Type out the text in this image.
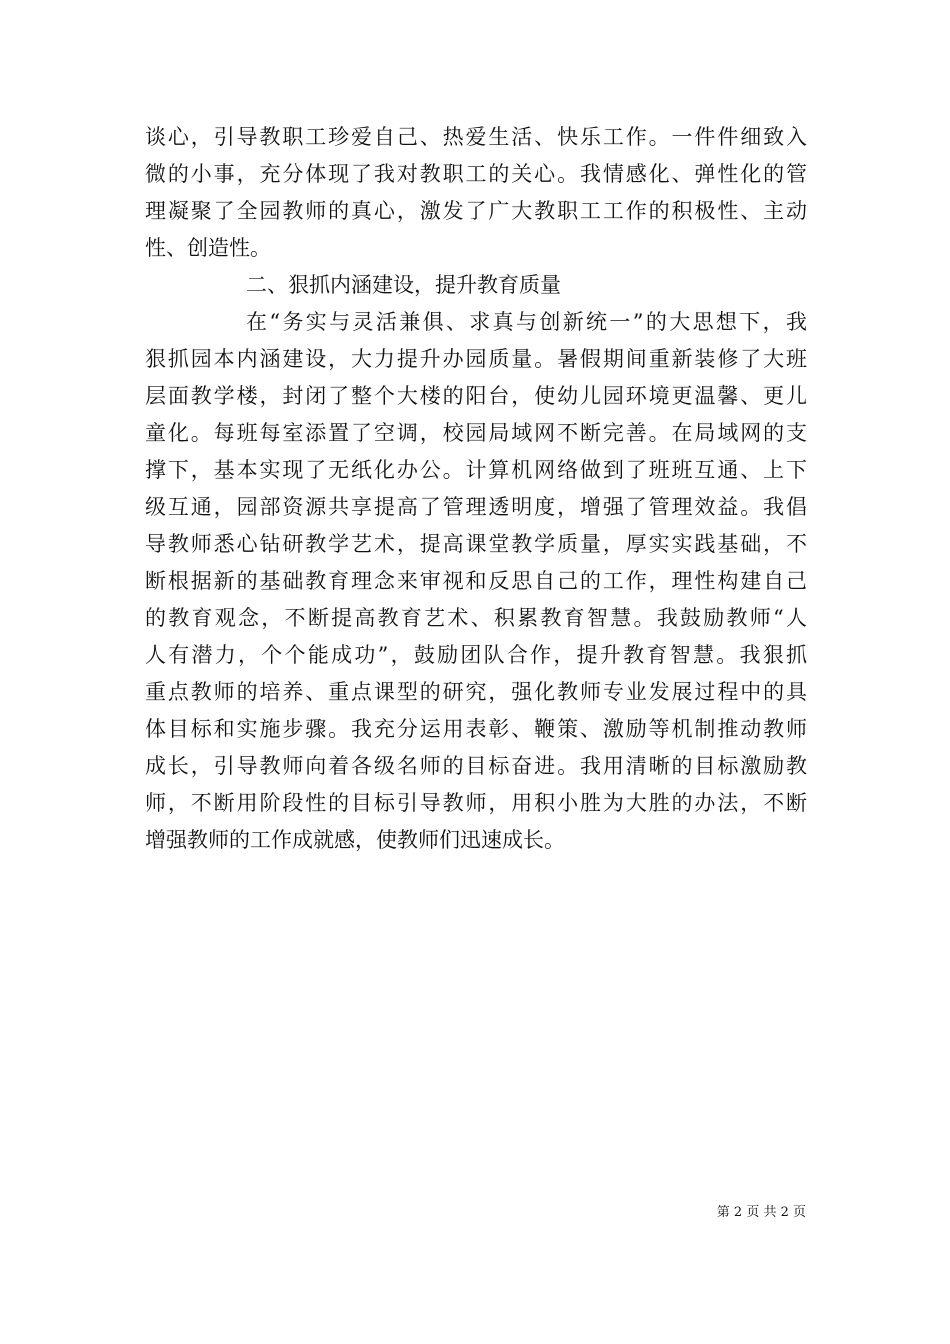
谈心，引导教职工珍爱自己、热爱生活、快乐工作。一件件细致入
微的小事，充分体现了我对教职工的关心。我情感化、弹性化的管
理凝聚了全园教师的真心，激发了广大教职工工作的积极性、主动
性、创造性。
二、狠抓内涵建设，提升教育质量
在“务实与灵活兼俱、求真与创新统一”的大思想下，我
狠抓园本内涵建设，大力提升办园质量。暑假期间重新装修了大班
层面教学楼，封闭了整个大楼的阳台，使幼儿园环境更温馨、更儿
童化。每班每室添置了空调，校园局域网不断完善。在局域网的支
撑下，基本实现了无纸化办公。计算机网络做到了班班互通、上下
级互通，园部资源共享提高了管理透明度，增强了管理效益。我倡
导教师悉心钻研教学艺术，提高课堂教学质量，厚实实践基础，不
断根据新的基础教育理念来审视和反思自己的工作，理性构建自己
的教育观念，不断提高教育艺术、积累教育智慧。我鼓励教师“人
人有潜力，个个能成功”，鼓励团队合作，提升教育智慧。我狠抓
重点教师的培养、重点课型的研究，强化教师专业发展过程中的具
体目标和实施步骤。我充分运用表彰、鞭策、激励等机制推动教师
成长，引导教师向着各级名师的目标奋进。我用清晰的目标激励教
师，不断用阶段性的目标引导教师，用积小胜为大胜的办法，不断
增强教师的工作成就感，使教师们迅速成长。
第 2 页 共 2 页
